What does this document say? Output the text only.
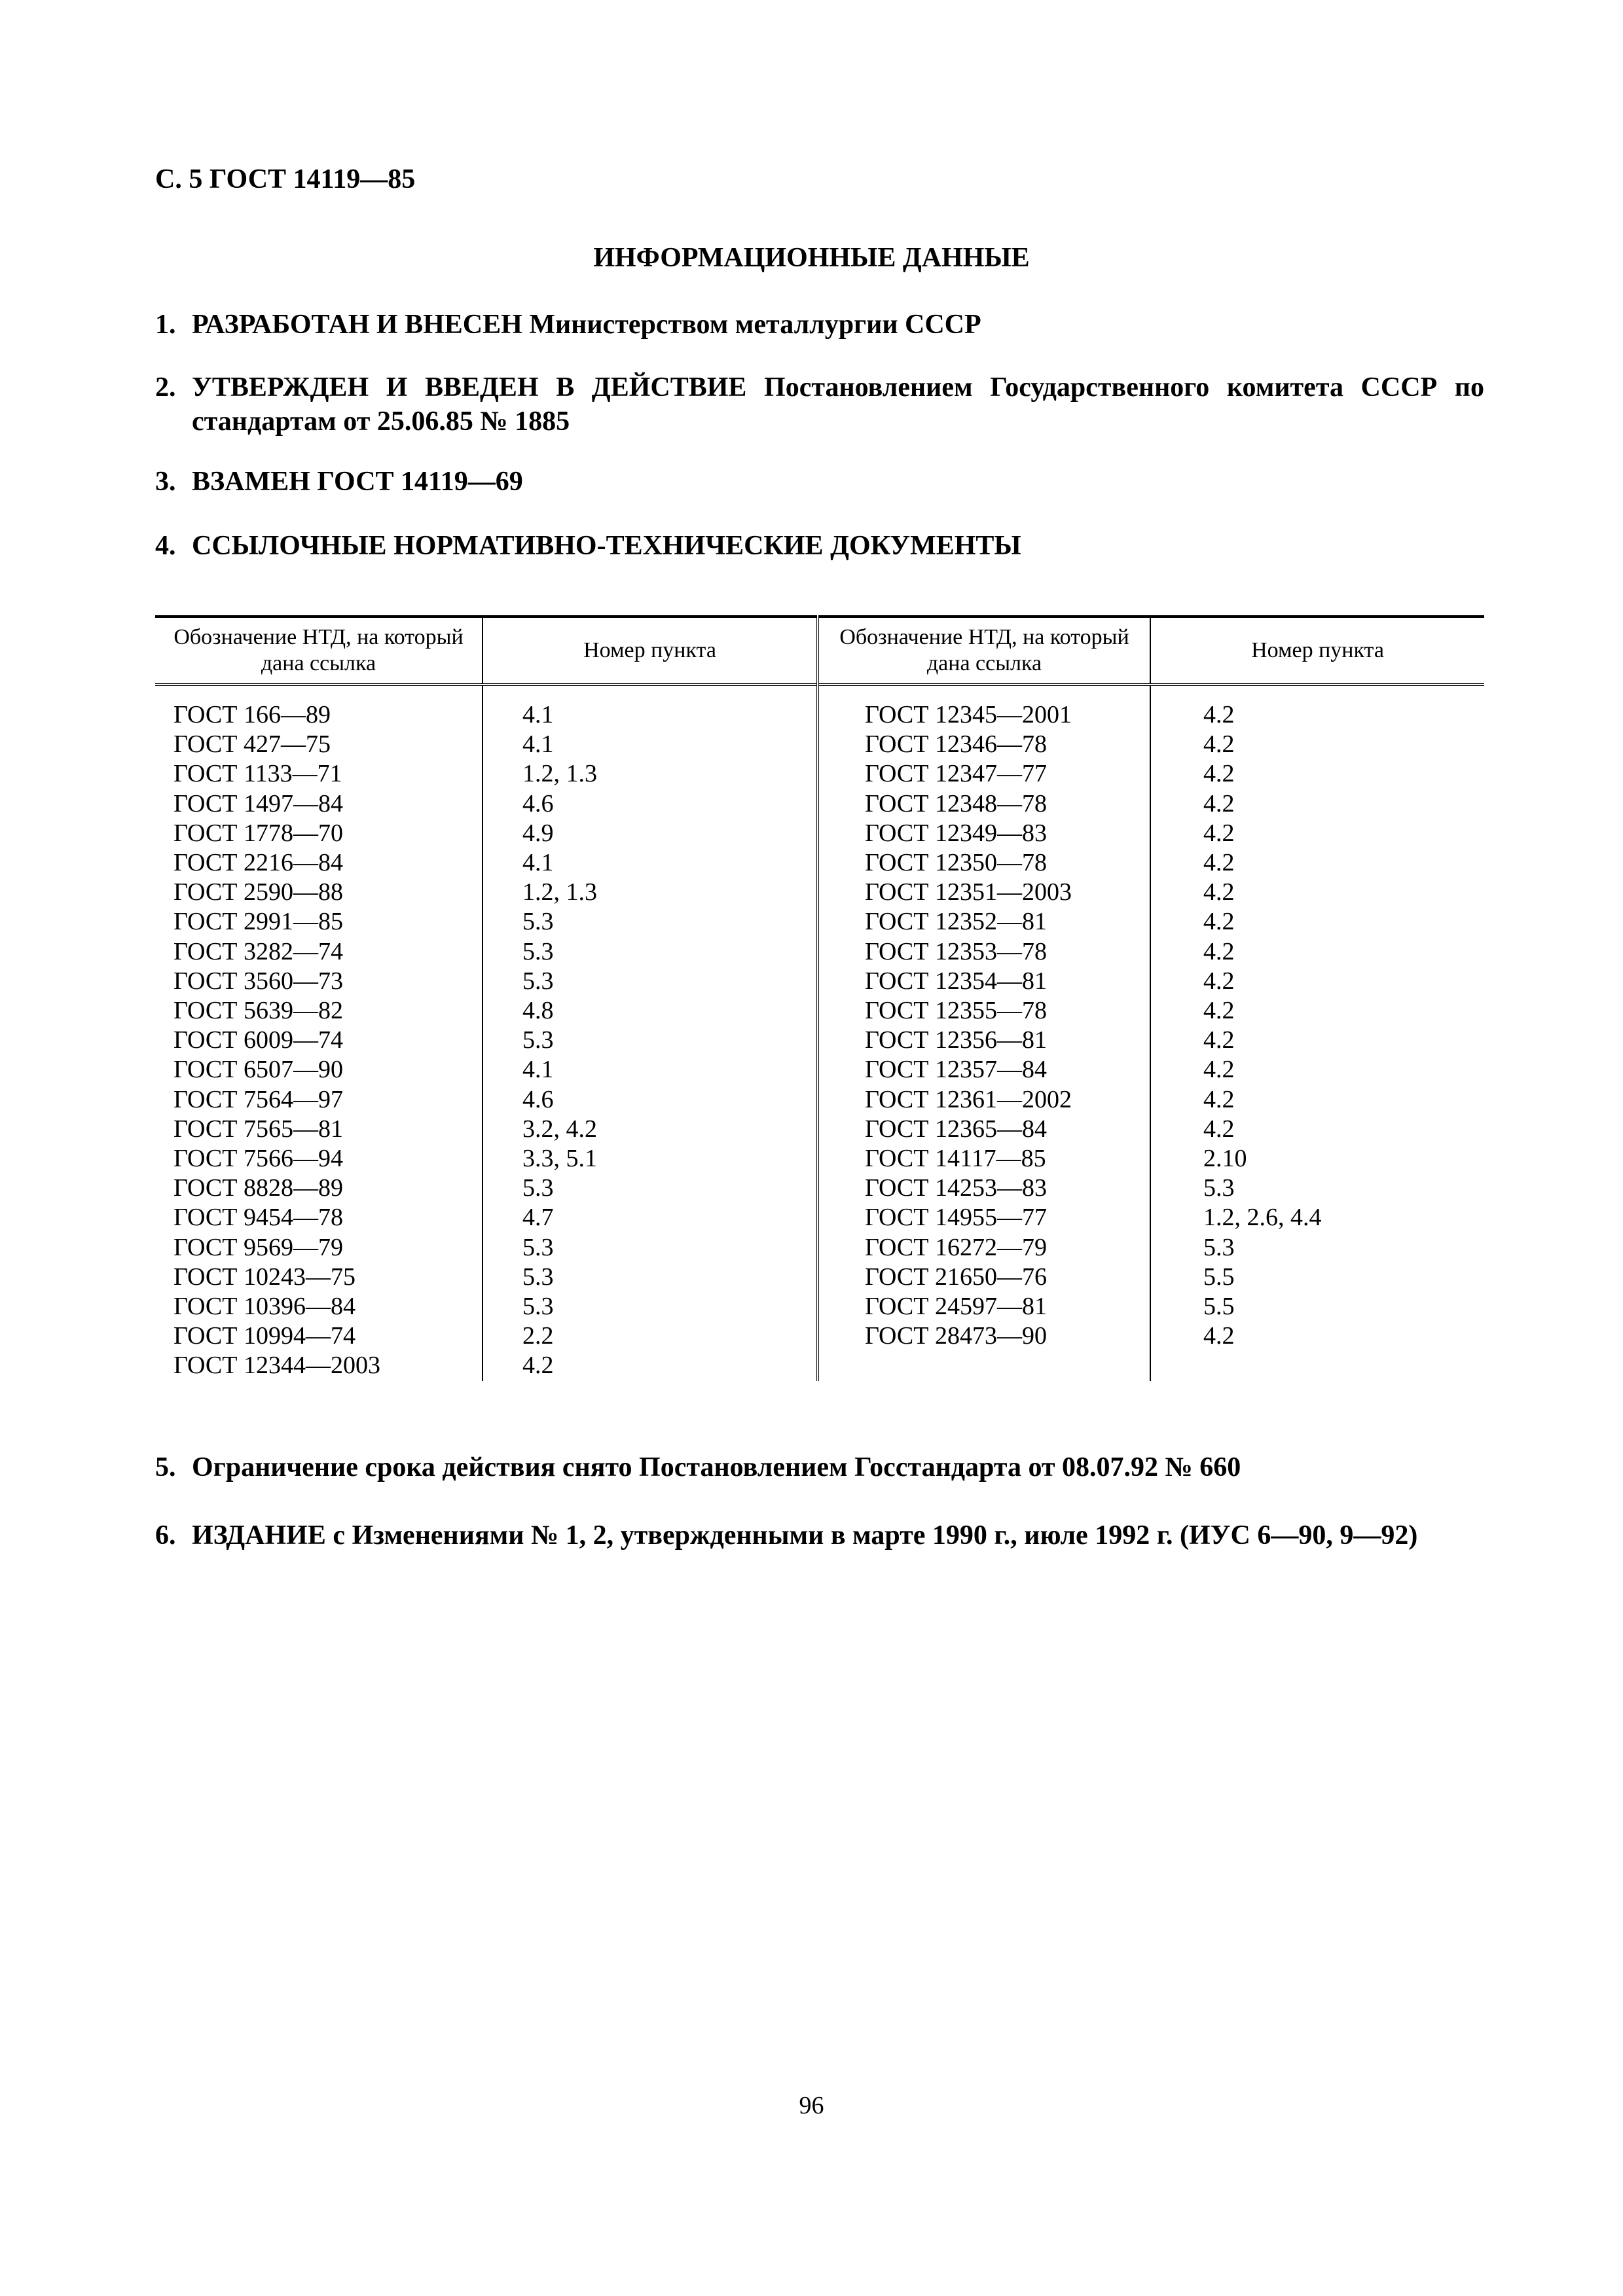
С. 5 ГОСТ 14119—85

ИНФОРМАЦИОННЫЕ ДАННЫЕ

1. РАЗРАБОТАН И ВНЕСЕН Министерством металлургии СССР
2. УТВЕРЖДЕН И ВВЕДЕН В ДЕЙСТВИЕ Постановлением Государственного комитета СССР по стандартам от 25.06.85 № 1885
3. ВЗАМЕН ГОСТ 14119—69
4. ССЫЛОЧНЫЕ НОРМАТИВНО-ТЕХНИЧЕСКИЕ ДОКУМЕНТЫ
Обозначение НТД, на который дана ссылка	Номер пункта	Обозначение НТД, на который дана ссылка	Номер пункта
ГОСТ 166—89	4.1	ГОСТ 12345—2001	4.2
ГОСТ 427—75	4.1	ГОСТ 12346—78	4.2
ГОСТ 1133—71	1.2, 1.3	ГОСТ 12347—77	4.2
ГОСТ 1497—84	4.6	ГОСТ 12348—78	4.2
ГОСТ 1778—70	4.9	ГОСТ 12349—83	4.2
ГОСТ 2216—84	4.1	ГОСТ 12350—78	4.2
ГОСТ 2590—88	1.2, 1.3	ГОСТ 12351—2003	4.2
ГОСТ 2991—85	5.3	ГОСТ 12352—81	4.2
ГОСТ 3282—74	5.3	ГОСТ 12353—78	4.2
ГОСТ 3560—73	5.3	ГОСТ 12354—81	4.2
ГОСТ 5639—82	4.8	ГОСТ 12355—78	4.2
ГОСТ 6009—74	5.3	ГОСТ 12356—81	4.2
ГОСТ 6507—90	4.1	ГОСТ 12357—84	4.2
ГОСТ 7564—97	4.6	ГОСТ 12361—2002	4.2
ГОСТ 7565—81	3.2, 4.2	ГОСТ 12365—84	4.2
ГОСТ 7566—94	3.3, 5.1	ГОСТ 14117—85	2.10
ГОСТ 8828—89	5.3	ГОСТ 14253—83	5.3
ГОСТ 9454—78	4.7	ГОСТ 14955—77	1.2, 2.6, 4.4
ГОСТ 9569—79	5.3	ГОСТ 16272—79	5.3
ГОСТ 10243—75	5.3	ГОСТ 21650—76	5.5
ГОСТ 10396—84	5.3	ГОСТ 24597—81	5.5
ГОСТ 10994—74	2.2	ГОСТ 28473—90	4.2
ГОСТ 12344—2003	4.2		
5. Ограничение срока действия снято Постановлением Госстандарта от 08.07.92 № 660
6. ИЗДАНИЕ с Изменениями № 1, 2, утвержденными в марте 1990 г., июле 1992 г. (ИУС 6—90, 9—92)

96
